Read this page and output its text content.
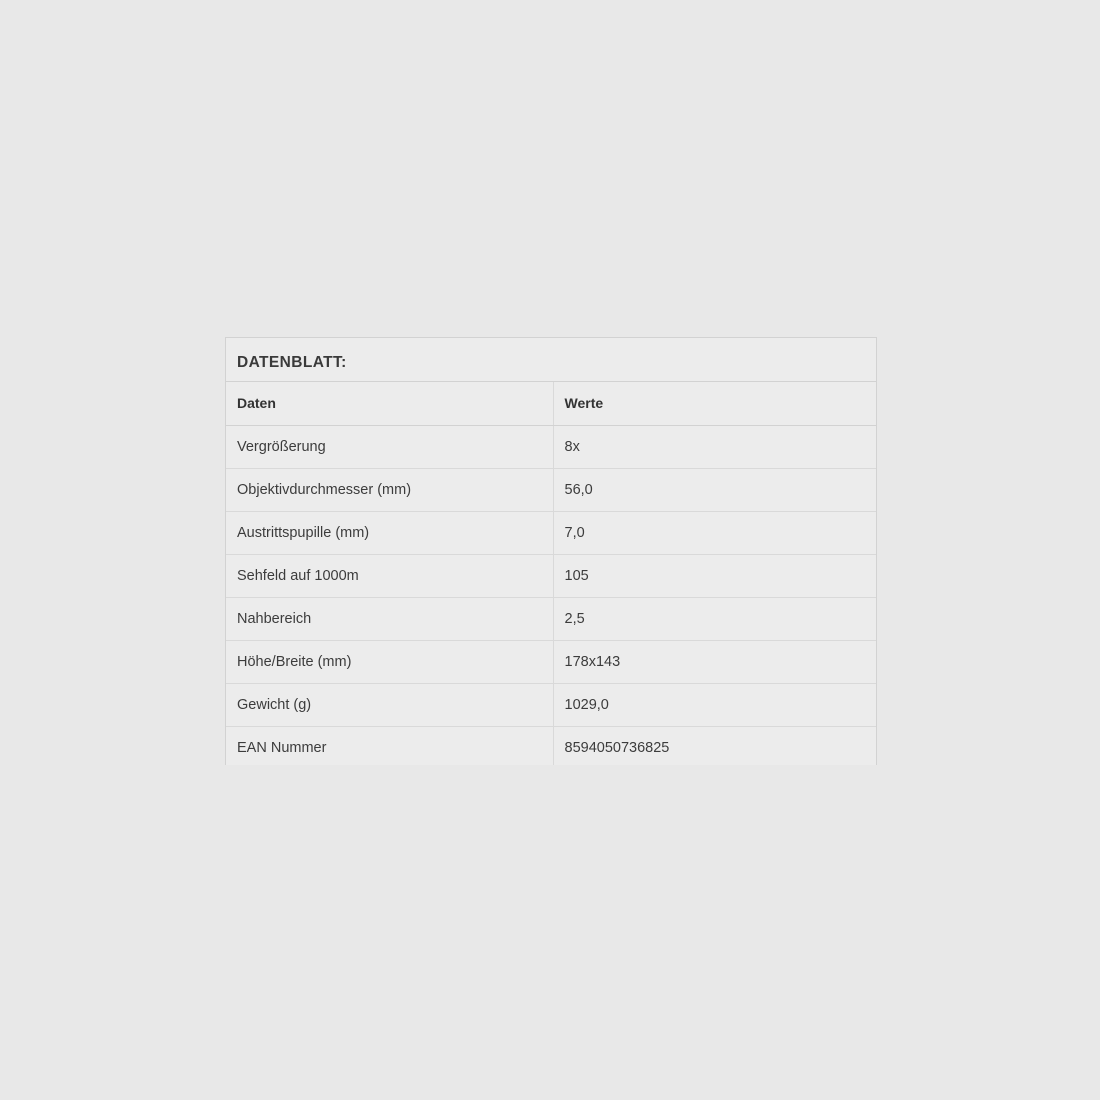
DATENBLATT:
Daten	Werte
Vergrößerung	8x
Objektivdurchmesser (mm)	56,0
Austrittspupille (mm)	7,0
Sehfeld auf 1000m	105
Nahbereich	2,5
Höhe/Breite (mm)	178x143
Gewicht (g)	1029,0
EAN Nummer	8594050736825
